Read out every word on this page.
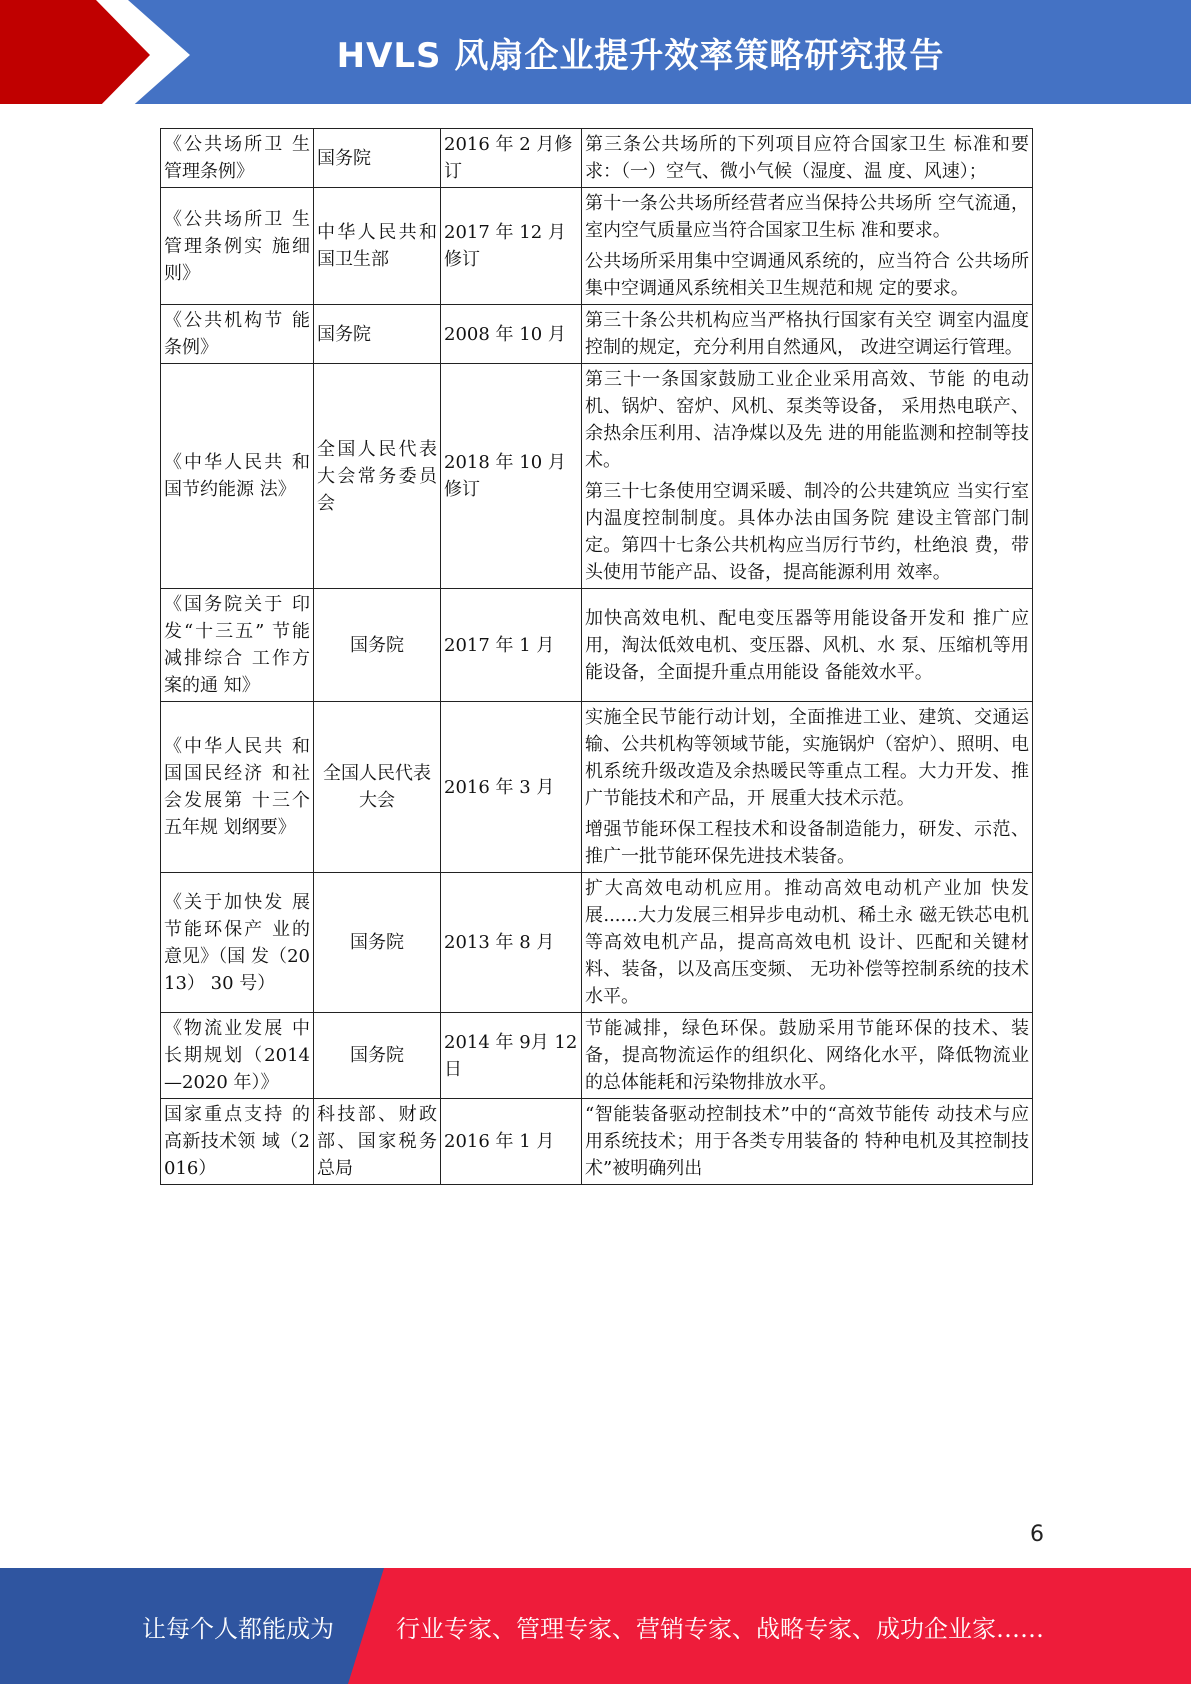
HVLS 风扇企业提升效率策略研究报告
《公共场所卫 生管理条例》	国务院	2016 年 2 月修订	第三条公共场所的下列项目应符合国家卫生 标准和要求：（一）空气、微小气候（湿度、温 度、风速）；

《公共场所卫 生管理条例实 施细则》	中华人民共和国卫生部	2017 年 12 月修订	第十一条公共场所经营者应当保持公共场所 空气流通，室内空气质量应当符合国家卫生标 准和要求。

公共场所采用集中空调通风系统的，应当符合 公共场所集中空调通风系统相关卫生规范和规 定的要求。

《公共机构节 能条例》	国务院	2008 年 10 月	第三十条公共机构应当严格执行国家有关空 调室内温度控制的规定，充分利用自然通风， 改进空调运行管理。

《中华人民共 和国节约能源 法》	全国人民代表大会常务委员会	2018 年 10 月修订	第三十一条国家鼓励工业企业采用高效、节能 的电动机、锅炉、窑炉、风机、泵类等设备， 采用热电联产、余热余压利用、洁净煤以及先 进的用能监测和控制等技术。

第三十七条使用空调采暖、制冷的公共建筑应 当实行室内温度控制制度。具体办法由国务院 建设主管部门制定。第四十七条公共机构应当厉行节约，杜绝浪 费，带头使用节能产品、设备，提高能源利用 效率。

《国务院关于 印发“十三五” 节能减排综合 工作方案的通 知》	国务院	2017 年 1 月	加快高效电机、配电变压器等用能设备开发和 推广应用，淘汰低效电机、变压器、风机、水 泵、压缩机等用能设备，全面提升重点用能设 备能效水平。

《中华人民共 和国国民经济 和社会发展第 十三个五年规 划纲要》	全国人民代表大会	2016 年 3 月	实施全民节能行动计划，全面推进工业、建筑、交通运输、公共机构等领域节能，实施锅炉（窑炉）、照明、电机系统升级改造及余热暖民等重点工程。大力开发、推广节能技术和产品，开 展重大技术示范。

增强节能环保工程技术和设备制造能力，研发、示范、推广一批节能环保先进技术装备。

《关于加快发 展节能环保产 业的意见》（国 发（2013） 30 号）	国务院	2013 年 8 月	扩大高效电动机应用。推动高效电动机产业加 快发展......大力发展三相异步电动机、稀土永 磁无铁芯电机等高效电机产品，提高高效电机 设计、匹配和关键材料、装备，以及高压变频、 无功补偿等控制系统的技术水平。

《物流业发展 中长期规划（2014—2020 年）》	国务院	2014 年 9月 12 日	节能减排，绿色环保。鼓励采用节能环保的技术、装备，提高物流运作的组织化、网络化水平，降低物流业的总体能耗和污染物排放水平。

国家重点支持 的高新技术领 域（2016）	科技部、财政部、国家税务总局	2016 年 1 月	“智能装备驱动控制技术”中的“高效节能传 动技术与应用系统技术；用于各类专用装备的 特种电机及其控制技术”被明确列出

6
让每个人都能成为	行业专家、管理专家、营销专家、战略专家、成功企业家……
